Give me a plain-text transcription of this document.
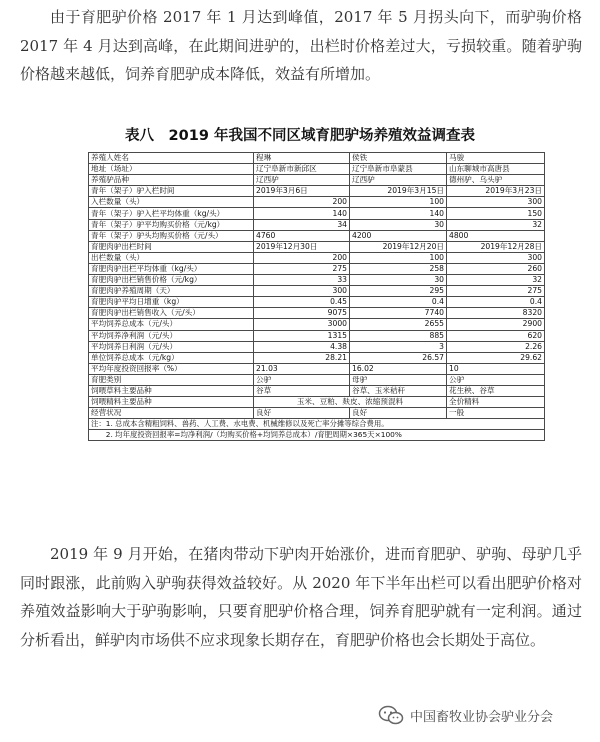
由于育肥驴价格 2017 年 1 月达到峰值，2017 年 5 月拐头向下，而驴驹价格 2017 年 4 月达到高峰，在此期间进驴的，出栏时价格差过大，亏损较重。随着驴驹价格越来越低，饲养育肥驴成本降低，效益有所增加。

表八　2019 年我国不同区域育肥驴场养殖效益调查表
养殖人姓名	程琳	侯铁	马骏
地址（场址）	辽宁阜新市新邱区	辽宁阜新市阜蒙县	山东聊城市高唐县
养殖驴品种	辽西驴	辽西驴	德州驴、乌头驴
青年（架子）驴入栏时间	2019年3月6日	2019年3月15日	2019年3月23日
入栏数量（头）	200	100	300
青年（架子）驴入栏平均体重（kg/头）	140	140	150
青年（架子）驴平均购买价格（元/kg）	34	30	32
青年（架子）驴头均购买价格（元/头）	4760	4200	4800
育肥肉驴出栏时间	2019年12月30日	2019年12月20日	2019年12月28日
出栏数量（头）	200	100	300
育肥肉驴出栏平均体重（kg/头）	275	258	260
育肥肉驴出栏销售价格（元/kg）	33	30	32
育肥肉驴养殖周期（天）	300	295	275
育肥肉驴平均日增重（kg）	0.45	0.4	0.4
育肥肉驴出栏销售收入（元/头）	9075	7740	8320
平均饲养总成本（元/头）	3000	2655	2900
平均饲养净利润（元/头）	1315	885	620
平均饲养日利润（元/头）	4.38	3	2.26
单位饲养总成本（元/kg）	28.21	26.57	29.62
平均年度投资回报率（%）	21.03	16.02	10
育肥类别	公驴	母驴	公驴
饲喂草料主要品种	谷草	谷草、玉米秸秆	花生秧、谷草
饲喂精料主要品种	玉米、豆粕、麸皮、浓缩预混料		全价精料
经营状况	良好	良好	一般
注：1. 总成本含精粗饲料、兽药、人工费、水电费、机械维修以及死亡率分摊等综合费用。			
　　2. 均年度投资回报率=均净利润/（均购买价格+均饲养总成本）/育肥周期×365天×100%			

2019 年 9 月开始，在猪肉带动下驴肉开始涨价，进而育肥驴、驴驹、母驴几乎同时跟涨，此前购入驴驹获得效益较好。从 2020 年下半年出栏可以看出肥驴价格对养殖效益影响大于驴驹影响，只要育肥驴价格合理，饲养育肥驴就有一定利润。通过分析看出，鲜驴肉市场供不应求现象长期存在，育肥驴价格也会长期处于高位。

中国畜牧业协会驴业分会
